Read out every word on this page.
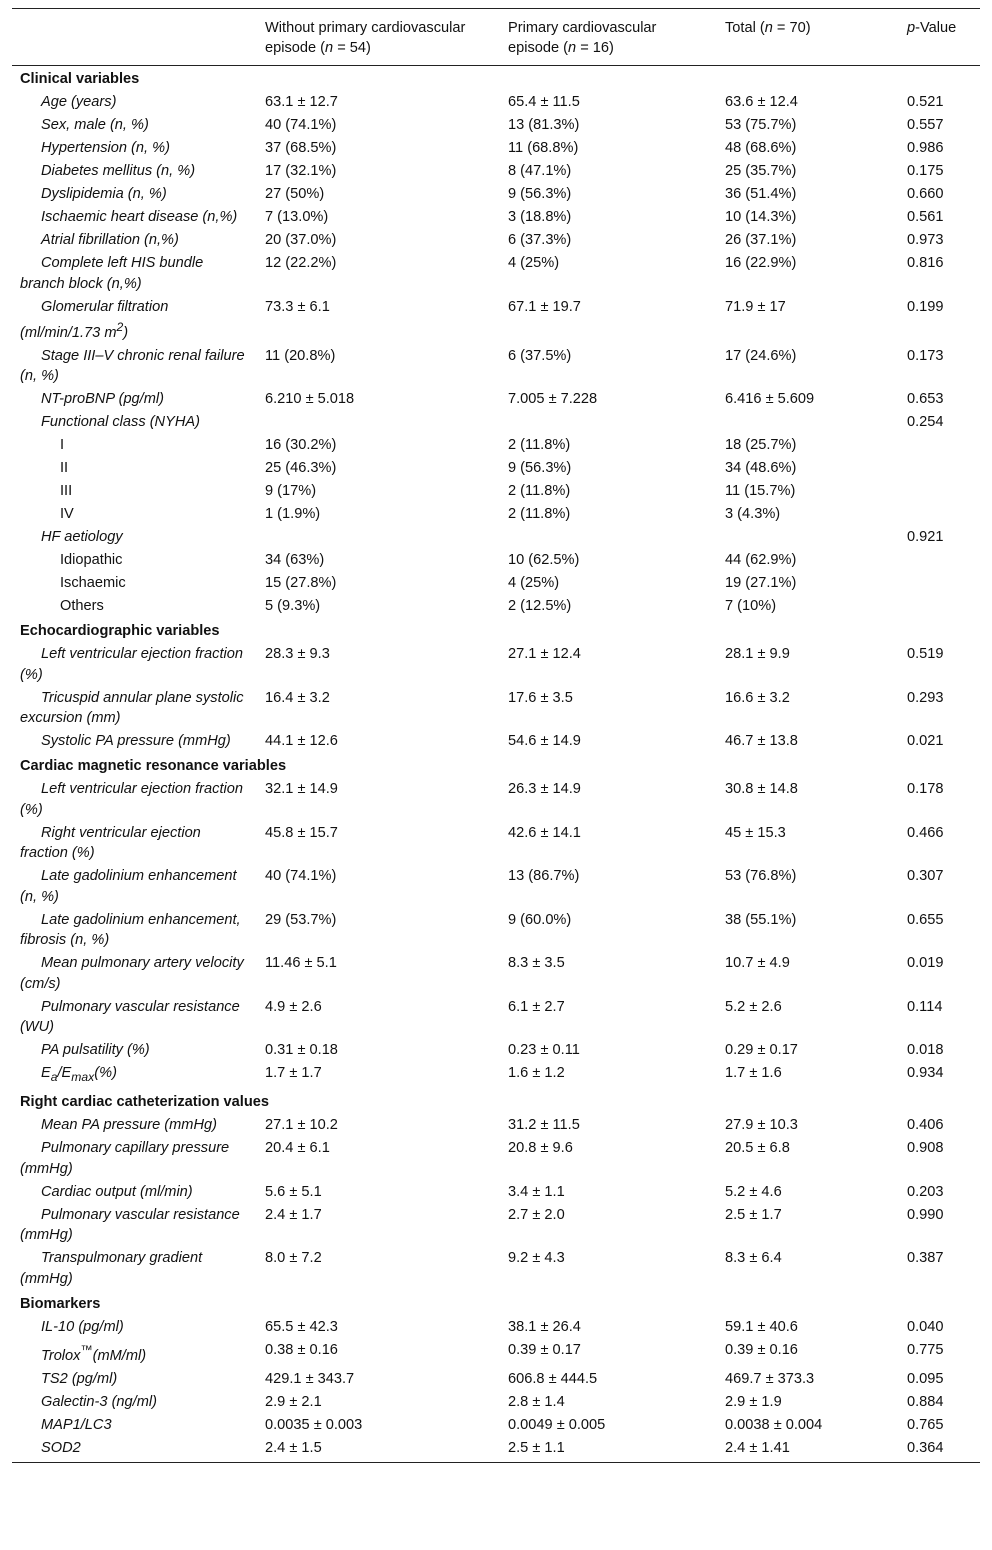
	Without primary cardiovascular episode (n = 54)	Primary cardiovascular episode (n = 16)	Total (n = 70)	p-Value
Clinical variables				
Age (years)	63.1 ± 12.7	65.4 ± 11.5	63.6 ± 12.4	0.521
Sex, male (n, %)	40 (74.1%)	13 (81.3%)	53 (75.7%)	0.557
Hypertension (n, %)	37 (68.5%)	11 (68.8%)	48 (68.6%)	0.986
Diabetes mellitus (n, %)	17 (32.1%)	8 (47.1%)	25 (35.7%)	0.175
Dyslipidemia (n, %)	27 (50%)	9 (56.3%)	36 (51.4%)	0.660
Ischaemic heart disease (n,%)	7 (13.0%)	3 (18.8%)	10 (14.3%)	0.561
Atrial fibrillation (n,%)	20 (37.0%)	6 (37.3%)	26 (37.1%)	0.973
Complete left HIS bundle branch block (n,%)	12 (22.2%)	4 (25%)	16 (22.9%)	0.816
Glomerular filtration (ml/min/1.73 $m^2$)	73.3 ± 6.1	67.1 ± 19.7	71.9 ± 17	0.199
Stage III–V chronic renal failure (n, %)	11 (20.8%)	6 (37.5%)	17 (24.6%)	0.173
NT-proBNP (pg/ml)	6.210 ± 5.018	7.005 ± 7.228	6.416 ± 5.609	0.653
Functional class (NYHA)				0.254
I	16 (30.2%)	2 (11.8%)	18 (25.7%)	
II	25 (46.3%)	9 (56.3%)	34 (48.6%)	
III	9 (17%)	2 (11.8%)	11 (15.7%)	
IV	1 (1.9%)	2 (11.8%)	3 (4.3%)	
HF aetiology				0.921
Idiopathic	34 (63%)	10 (62.5%)	44 (62.9%)	
Ischaemic	15 (27.8%)	4 (25%)	19 (27.1%)	
Others	5 (9.3%)	2 (12.5%)	7 (10%)	
Echocardiographic variables				
Left ventricular ejection fraction (%)	28.3 ± 9.3	27.1 ± 12.4	28.1 ± 9.9	0.519
Tricuspid annular plane systolic excursion (mm)	16.4 ± 3.2	17.6 ± 3.5	16.6 ± 3.2	0.293
Systolic PA pressure (mmHg)	44.1 ± 12.6	54.6 ± 14.9	46.7 ± 13.8	0.021
Cardiac magnetic resonance variables				
Left ventricular ejection fraction (%)	32.1 ± 14.9	26.3 ± 14.9	30.8 ± 14.8	0.178
Right ventricular ejection fraction (%)	45.8 ± 15.7	42.6 ± 14.1	45 ± 15.3	0.466
Late gadolinium enhancement (n, %)	40 (74.1%)	13 (86.7%)	53 (76.8%)	0.307
Late gadolinium enhancement, fibrosis (n, %)	29 (53.7%)	9 (60.0%)	38 (55.1%)	0.655
Mean pulmonary artery velocity (cm/s)	11.46 ± 5.1	8.3 ± 3.5	10.7 ± 4.9	0.019
Pulmonary vascular resistance (WU)	4.9 ± 2.6	6.1 ± 2.7	5.2 ± 2.6	0.114
PA pulsatility (%)	0.31 ± 0.18	0.23 ± 0.11	0.29 ± 0.17	0.018
$E_a/E_{max}(\%)$	1.7 ± 1.7	1.6 ± 1.2	1.7 ± 1.6	0.934
Right cardiac catheterization values				
Mean PA pressure (mmHg)	27.1 ± 10.2	31.2 ± 11.5	27.9 ± 10.3	0.406
Pulmonary capillary pressure (mmHg)	20.4 ± 6.1	20.8 ± 9.6	20.5 ± 6.8	0.908
Cardiac output (ml/min)	5.6 ± 5.1	3.4 ± 1.1	5.2 ± 4.6	0.203
Pulmonary vascular resistance (mmHg)	2.4 ± 1.7	2.7 ± 2.0	2.5 ± 1.7	0.990
Transpulmonary gradient (mmHg)	8.0 ± 7.2	9.2 ± 4.3	8.3 ± 6.4	0.387
Biomarkers				
IL-10 (pg/ml)	65.5 ± 42.3	38.1 ± 26.4	59.1 ± 40.6	0.040
Trolox™(mM/ml)	0.38 ± 0.16	0.39 ± 0.17	0.39 ± 0.16	0.775
TS2 (pg/ml)	429.1 ± 343.7	606.8 ± 444.5	469.7 ± 373.3	0.095
Galectin-3 (ng/ml)	2.9 ± 2.1	2.8 ± 1.4	2.9 ± 1.9	0.884
MAP1/LC3	0.0035 ± 0.003	0.0049 ± 0.005	0.0038 ± 0.004	0.765
SOD2	2.4 ± 1.5	2.5 ± 1.1	2.4 ± 1.41	0.364
